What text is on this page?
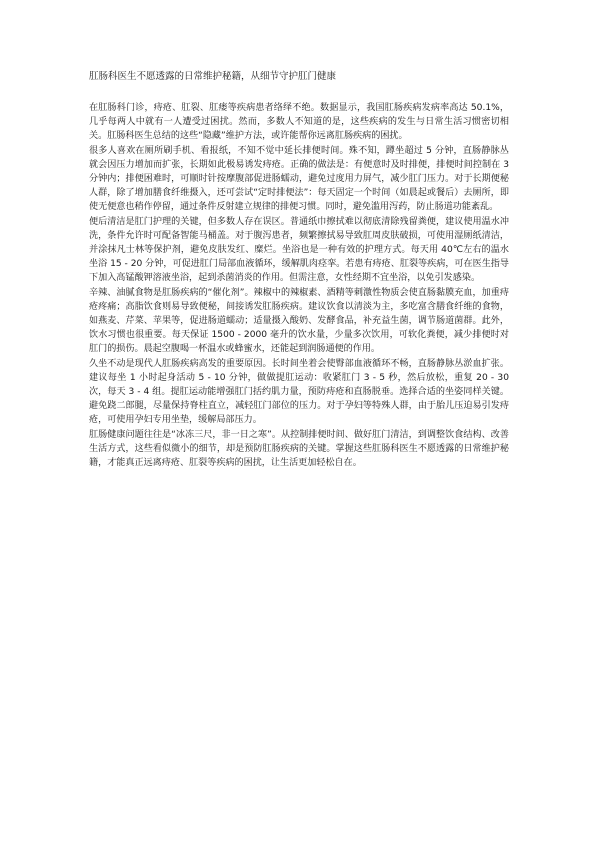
肛肠科医生不愿透露的日常维护秘籍，从细节守护肛门健康

在肛肠科门诊，痔疮、肛裂、肛瘘等疾病患者络绎不绝。数据显示，我国肛肠疾病发病率高达 50.1%，几乎每两人中就有一人遭受过困扰。然而，多数人不知道的是，这些疾病的发生与日常生活习惯密切相关。肛肠科医生总结的这些“隐藏”维护方法，或许能帮你远离肛肠疾病的困扰。

很多人喜欢在厕所刷手机、看报纸，不知不觉中延长排便时间。殊不知，蹲坐超过 5 分钟，直肠静脉丛就会因压力增加而扩张，长期如此极易诱发痔疮。正确的做法是：有便意时及时排便，排便时间控制在 3 分钟内；排便困难时，可顺时针按摩腹部促进肠蠕动，避免过度用力屏气，减少肛门压力。对于长期便秘人群，除了增加膳食纤维摄入，还可尝试“定时排便法”：每天固定一个时间（如晨起或餐后）去厕所，即使无便意也稍作停留，通过条件反射建立规律的排便习惯。同时，避免滥用泻药，防止肠道功能紊乱。

便后清洁是肛门护理的关键，但多数人存在误区。普通纸巾擦拭难以彻底清除残留粪便，建议使用温水冲洗，条件允许时可配备智能马桶盖。对于腹泻患者，频繁擦拭易导致肛周皮肤破损，可使用湿厕纸清洁，并涂抹凡士林等保护剂，避免皮肤发红、糜烂。坐浴也是一种有效的护理方式。每天用 40℃左右的温水坐浴 15 - 20 分钟，可促进肛门局部血液循环，缓解肌肉痉挛。若患有痔疮、肛裂等疾病，可在医生指导下加入高锰酸钾溶液坐浴，起到杀菌消炎的作用。但需注意，女性经期不宜坐浴，以免引发感染。

辛辣、油腻食物是肛肠疾病的“催化剂”。辣椒中的辣椒素、酒精等刺激性物质会使直肠黏膜充血，加重痔疮疼痛；高脂饮食则易导致便秘，间接诱发肛肠疾病。建议饮食以清淡为主，多吃富含膳食纤维的食物，如燕麦、芹菜、苹果等，促进肠道蠕动；适量摄入酸奶、发酵食品，补充益生菌，调节肠道菌群。此外，饮水习惯也很重要。每天保证 1500 - 2000 毫升的饮水量，少量多次饮用，可软化粪便，减少排便时对肛门的损伤。晨起空腹喝一杯温水或蜂蜜水，还能起到润肠通便的作用。

久坐不动是现代人肛肠疾病高发的重要原因。长时间坐着会使臀部血液循环不畅，直肠静脉丛淤血扩张。建议每坐 1 小时起身活动 5 - 10 分钟，做做提肛运动：收紧肛门 3 - 5 秒，然后放松，重复 20 - 30 次，每天 3 - 4 组。提肛运动能增强肛门括约肌力量，预防痔疮和直肠脱垂。选择合适的坐姿同样关键。避免跷二郎腿，尽量保持脊柱直立，减轻肛门部位的压力。对于孕妇等特殊人群，由于胎儿压迫易引发痔疮，可使用孕妇专用坐垫，缓解局部压力。

肛肠健康问题往往是“冰冻三尺，非一日之寒”。从控制排便时间、做好肛门清洁，到调整饮食结构、改善生活方式，这些看似微小的细节，却是预防肛肠疾病的关键。掌握这些肛肠科医生不愿透露的日常维护秘籍，才能真正远离痔疮、肛裂等疾病的困扰，让生活更加轻松自在。
